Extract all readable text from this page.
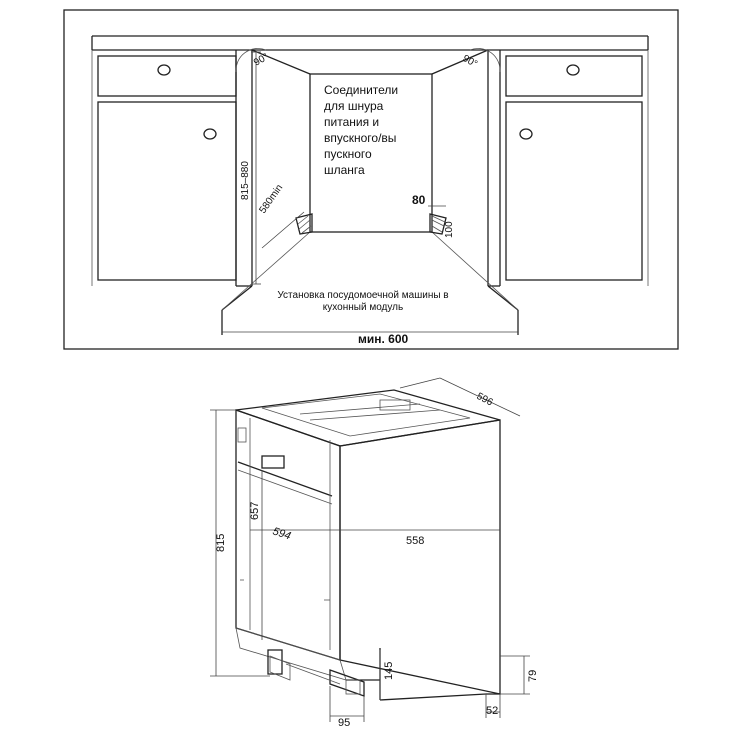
90°	90°
815–880 580min	80
100
мин. 600
596
815
657
594	558
145	79
95
52
Соединители
для шнура
питания и
впускного/вы
пускного
шланга
Установка посудомоечной машины в
кухонный модуль
